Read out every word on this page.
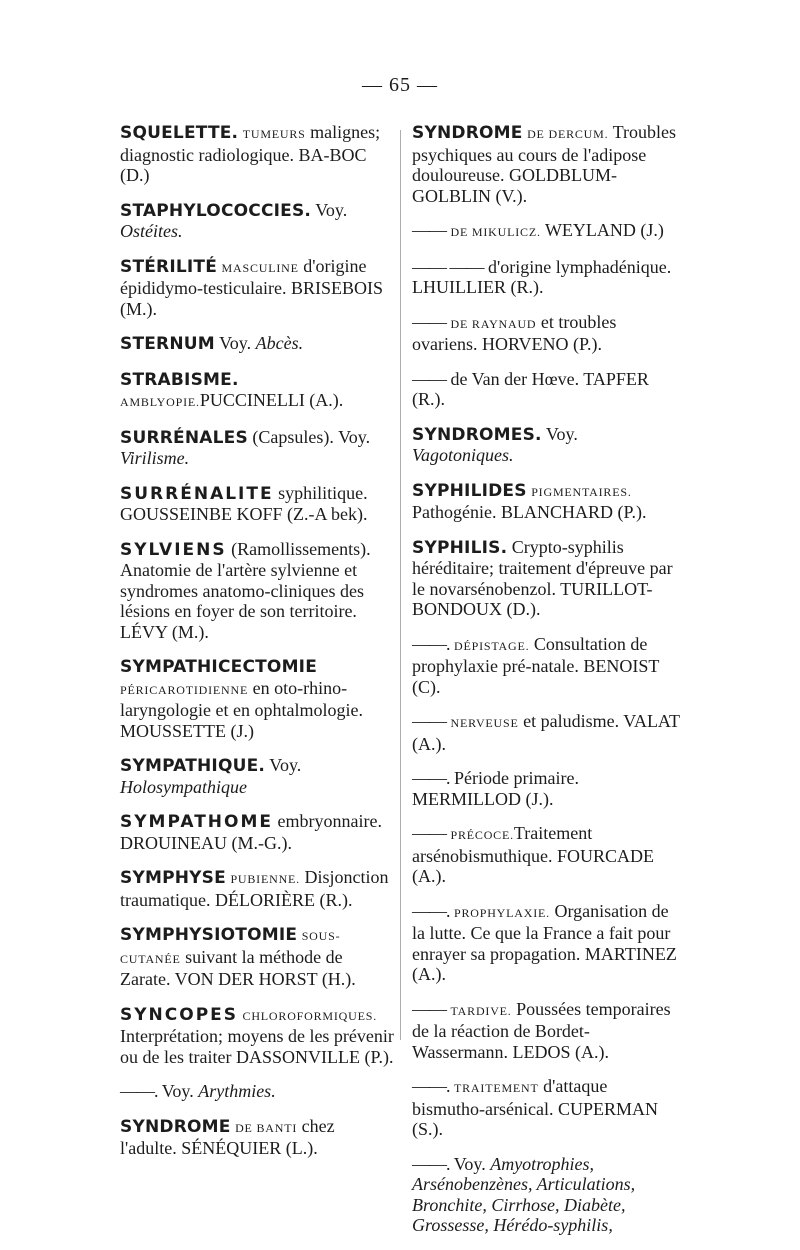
— 65 —
SQUELETTE. TUMEURS malignes; diagnostic radiologique. BA-BOC (D.)
STAPHYLOCOCCIES. Voy. Ostéites.
STÉRILITÉ MASCULINE d'origine épididymo-testiculaire. BRISEBOIS (M.).
STERNUM Voy. Abcès.
STRABISME. AMBLYOPIE.PUCCINELLI (A.).
SURRÉNALES (Capsules). Voy. Virilisme.
SURRÉNALITE syphilitique. GOUSSEINBE KOFF (Z.-A bek).
SYLVIENS (Ramollissements). Anatomie de l'artère sylvienne et syndromes anatomo-cliniques des lésions en foyer de son territoire. LÉVY (M.).
SYMPATHICECTOMIE PÉRICAROTIDIENNE en oto-rhino-laryngologie et en ophtalmologie. MOUSSETTE (J.)
SYMPATHIQUE. Voy. Holosympathique
SYMPATHOME embryonnaire. DROUINEAU (M.-G.).
SYMPHYSE PUBIENNE. Disjonction traumatique. DÉLORIÈRE (R.).
SYMPHYSIOTOMIE SOUS-CUTANÉE suivant la méthode de Zarate. VON DER HORST (H.).
SYNCOPES CHLOROFORMIQUES. Interprétation; moyens de les prévenir ou de les traiter DASSONVILLE (P.).
——. Voy. Arythmies.
SYNDROME DE BANTI chez l'adulte. SÉNÉQUIER (L.).
SYNDROME DE DERCUM. Troubles psychiques au cours de l'adipose douloureuse. GOLDBLUM-GOLBLIN (V.).
—— DE MIKULICZ. WEYLAND (J.)
—— —— d'origine lymphadénique. LHUILLIER (R.).
—— DE RAYNAUD et troubles ovariens. HORVENO (P.).
—— de Van der Hœve. TAPFER (R.).
SYNDROMES. Voy. Vagotoniques.
SYPHILIDES PIGMENTAIRES. Pathogénie. BLANCHARD (P.).
SYPHILIS. Crypto-syphilis héréditaire; traitement d'épreuve par le novarsénobenzol. TURILLOT-BONDOUX (D.).
——. DÉPISTAGE. Consultation de prophylaxie pré-natale. BENOIST (C).
—— NERVEUSE et paludisme. VALAT (A.).
——. Période primaire. MERMILLOD (J.).
—— PRÉCOCE.Traitement arsénobismuthique. FOURCADE (A.).
——. PROPHYLAXIE. Organisation de la lutte. Ce que la France a fait pour enrayer sa propagation. MARTINEZ (A.).
—— TARDIVE. Poussées temporaires de la réaction de Bordet-Wassermann. LEDOS (A.).
——. TRAITEMENT d'attaque bismutho-arsénical. CUPERMAN (S.).
——. Voy. Amyotrophies, Arsénobenzènes, Articulations, Bronchite, Cirrhose, Diabète, Grossesse, Hérédo-syphilis,
